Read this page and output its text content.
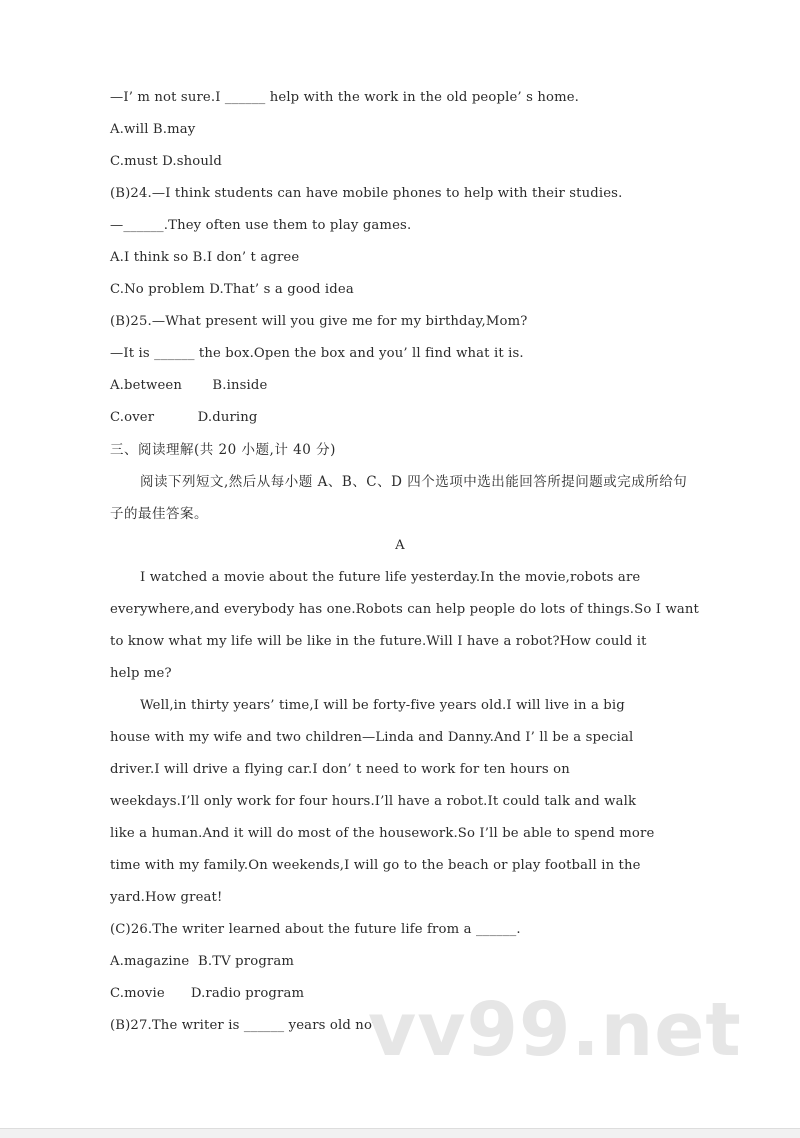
—I’ m not sure.I ______ help with the work in the old people’ s home.
A.will B.may
C.must D.should
(B)24.—I think students can have mobile phones to help with their studies.
—______.They often use them to play games.
A.I think so B.I don’ t agree
C.No problem D.That’ s a good idea
(B)25.—What present will you give me for my birthday,Mom?
—It is ______ the box.Open the box and you’ ll find what it is.
A.between       B.inside
C.over          D.during
三、阅读理解(共 20 小题,计 40 分)
阅读下列短文,然后从每小题 A、B、C、D 四个选项中选出能回答所提问题或完成所给句
子的最佳答案。
A
I watched a movie about the future life yesterday.In the movie,robots are
everywhere,and everybody has one.Robots can help people do lots of things.So I want
to know what my life will be like in the future.Will I have a robot?How could it
help me?
Well,in thirty years’ time,I will be forty-five years old.I will live in a big
house with my wife and two children—Linda and Danny.And I’ ll be a special
driver.I will drive a flying car.I don’ t need to work for ten hours on
weekdays.I’ll only work for four hours.I’ll have a robot.It could talk and walk
like a human.And it will do most of the housework.So I’ll be able to spend more
time with my family.On weekends,I will go to the beach or play football in the
yard.How great!
(C)26.The writer learned about the future life from a ______.
A.magazine  B.TV program
C.movie      D.radio program
(B)27.The writer is ______ years old now.
vv99.net
